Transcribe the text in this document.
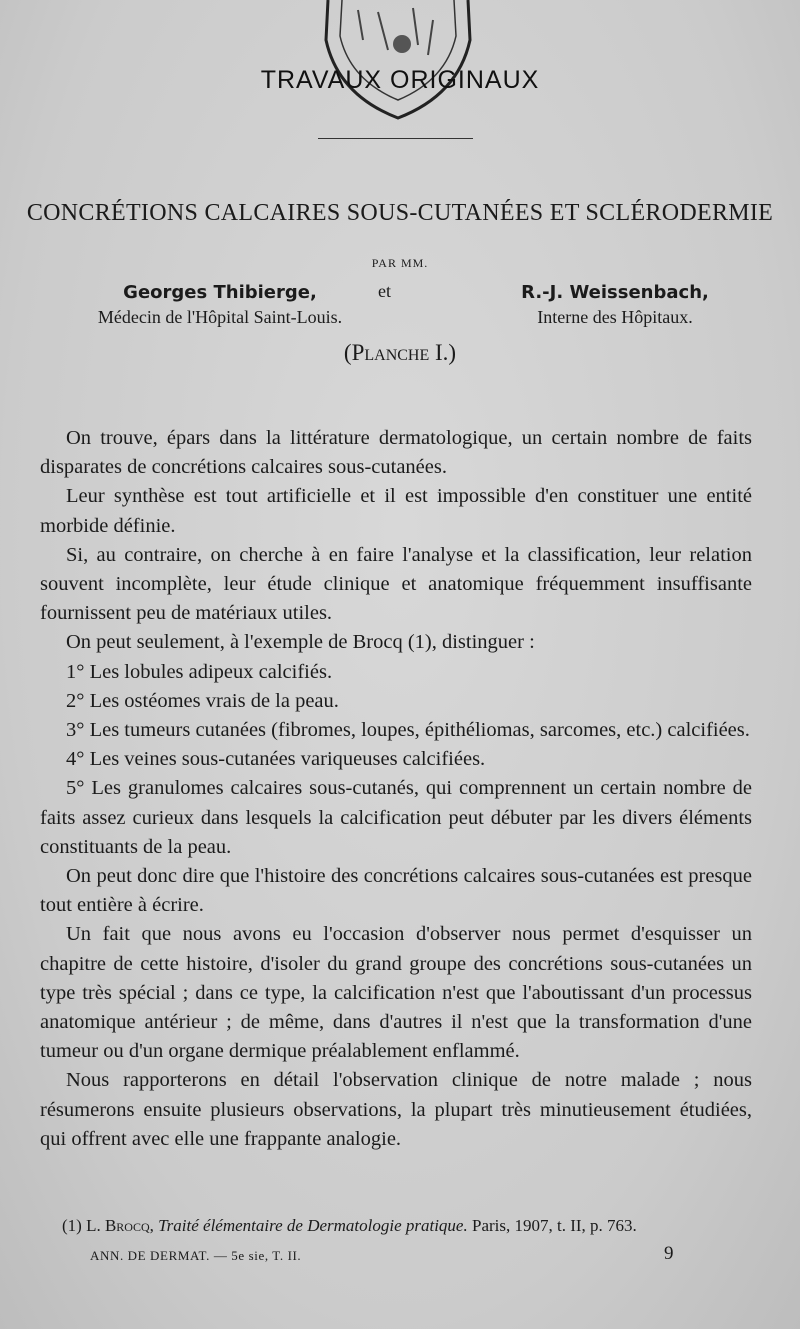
TRAVAUX ORIGINAUX
CONCRÉTIONS CALCAIRES SOUS-CUTANÉES ET SCLÉRODERMIE
PAR MM.
Georges Thibierge,
Médecin de l'Hôpital Saint-Louis.
et	R.-J. Weissenbach,
Interne des Hôpitaux.
(Planche I.)

On trouve, épars dans la littérature dermatologique, un certain nombre de faits disparates de concrétions calcaires sous-cutanées.

Leur synthèse est tout artificielle et il est impossible d'en constituer une entité morbide définie.

Si, au contraire, on cherche à en faire l'analyse et la classification, leur relation souvent incomplète, leur étude clinique et anatomique fréquemment insuffisante fournissent peu de matériaux utiles.

On peut seulement, à l'exemple de Brocq (1), distinguer :

1° Les lobules adipeux calcifiés.

2° Les ostéomes vrais de la peau.

3° Les tumeurs cutanées (fibromes, loupes, épithéliomas, sarcomes, etc.) calcifiées.

4° Les veines sous-cutanées variqueuses calcifiées.

5° Les granulomes calcaires sous-cutanés, qui comprennent un certain nombre de faits assez curieux dans lesquels la calcification peut débuter par les divers éléments constituants de la peau.

On peut donc dire que l'histoire des concrétions calcaires sous-cutanées est presque tout entière à écrire.

Un fait que nous avons eu l'occasion d'observer nous permet d'esquisser un chapitre de cette histoire, d'isoler du grand groupe des concrétions sous-cutanées un type très spécial ; dans ce type, la calcification n'est que l'aboutissant d'un processus anatomique antérieur ; de même, dans d'autres il n'est que la transformation d'une tumeur ou d'un organe dermique préalablement enflammé.

Nous rapporterons en détail l'observation clinique de notre malade ; nous résumerons ensuite plusieurs observations, la plupart très minutieusement étudiées, qui offrent avec elle une frappante analogie.

(1) L. Brocq, Traité élémentaire de Dermatologie pratique. Paris, 1907, t. II, p. 763.
ANN. DE DERMAT. — 5e sie, T. II.	9
